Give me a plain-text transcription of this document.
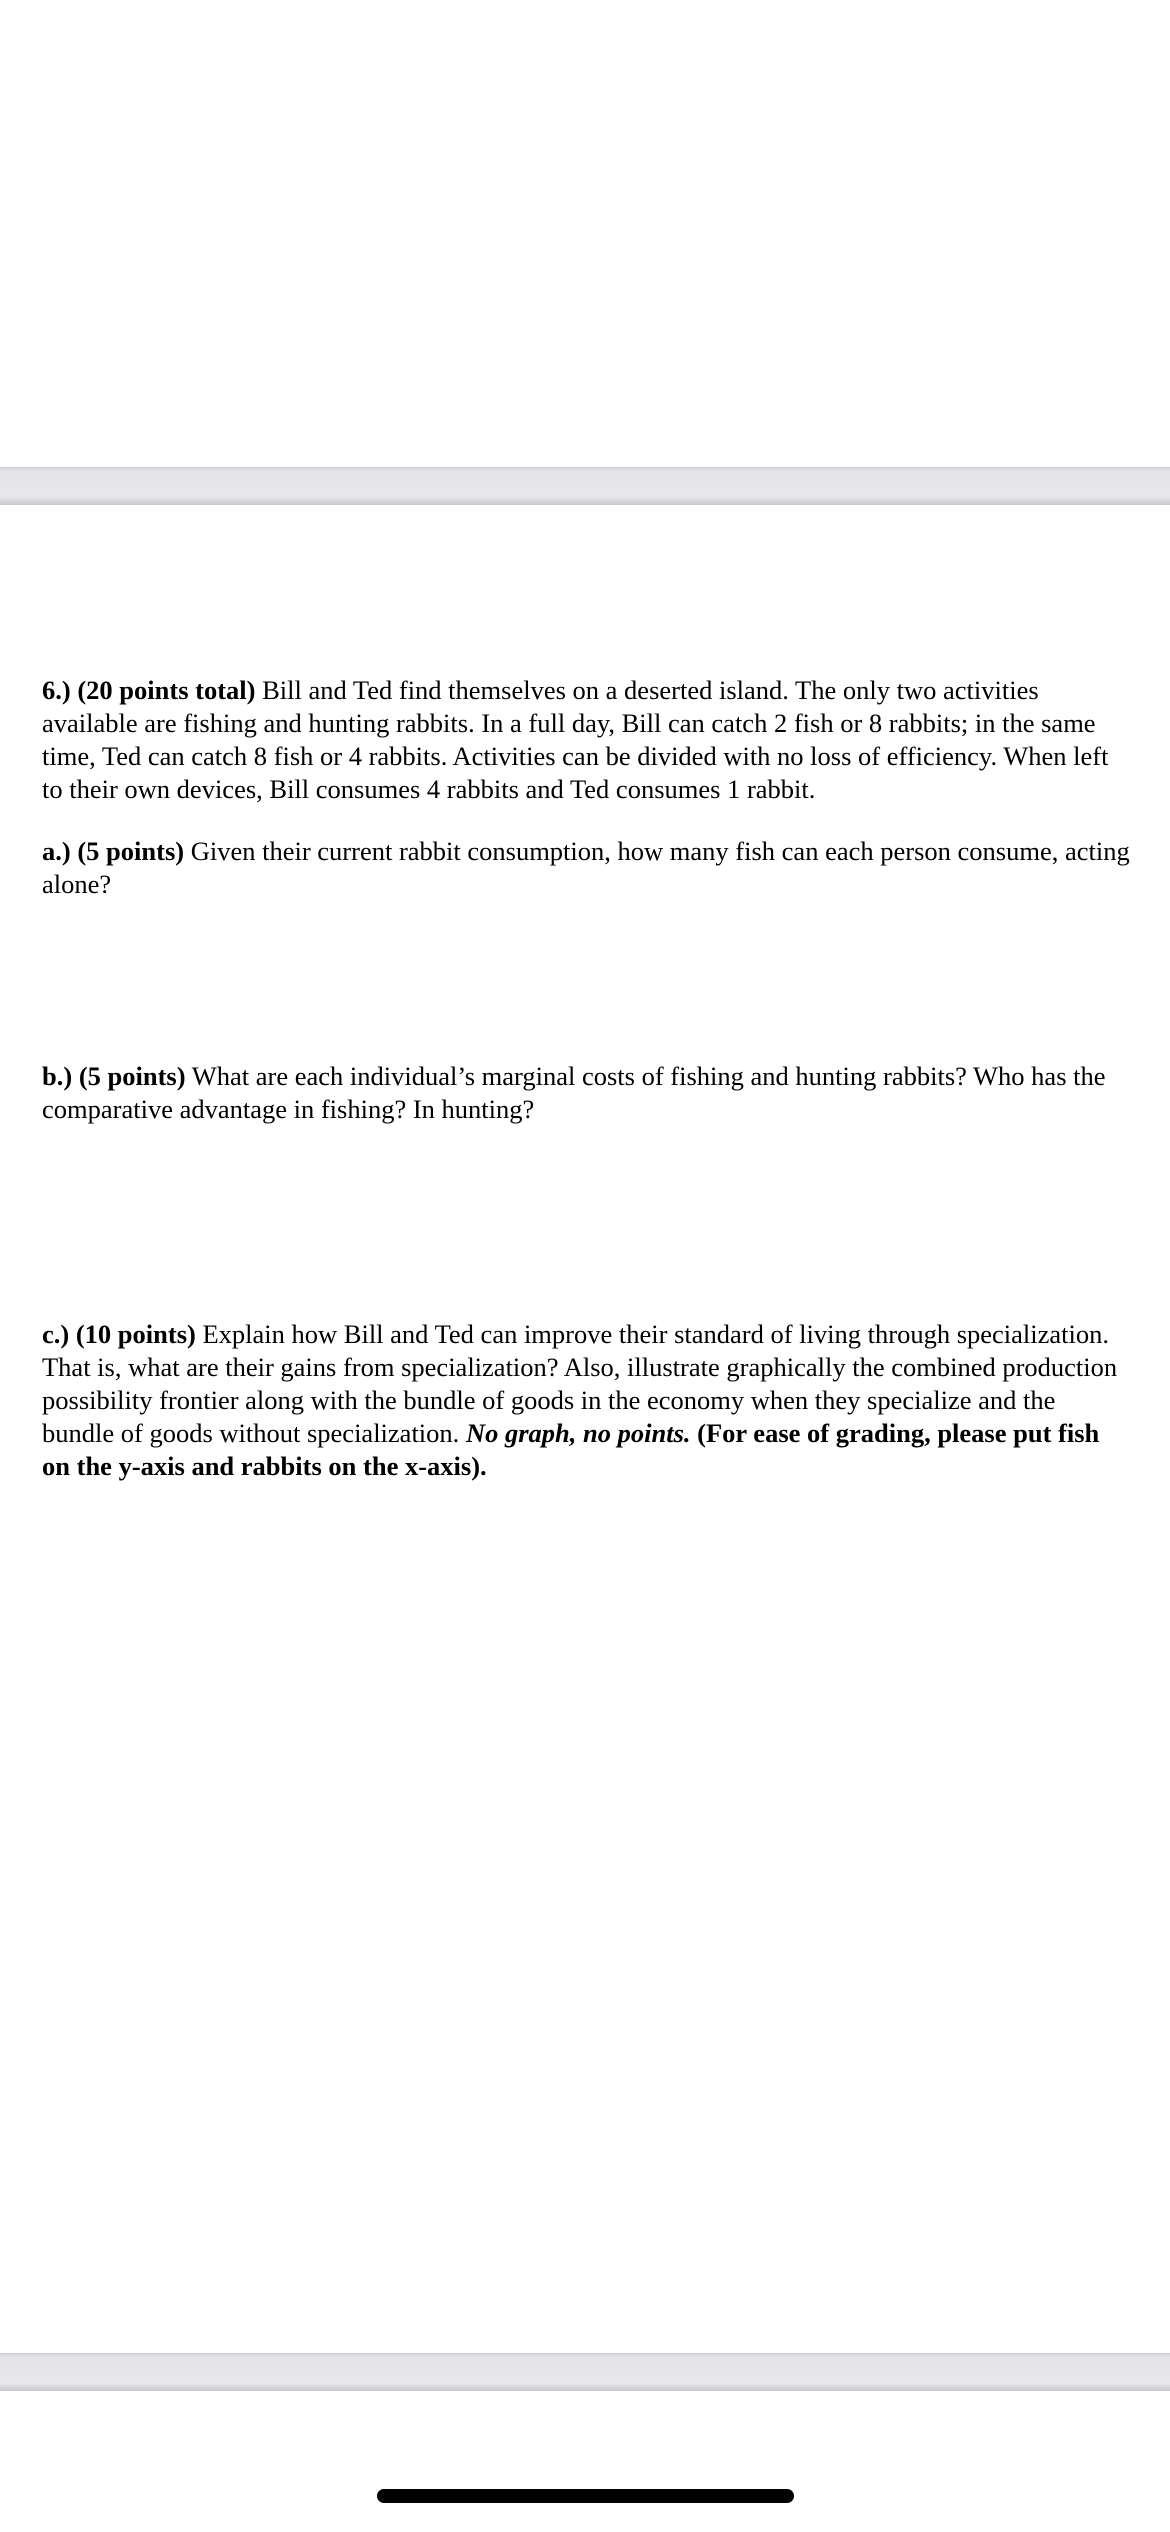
6.) (20 points total) Bill and Ted find themselves on a deserted island. The only two activities available are fishing and hunting rabbits. In a full day, Bill can catch 2 fish or 8 rabbits; in the same time, Ted can catch 8 fish or 4 rabbits. Activities can be divided with no loss of efficiency. When left to their own devices, Bill consumes 4 rabbits and Ted consumes 1 rabbit.

a.) (5 points) Given their current rabbit consumption, how many fish can each person consume, acting alone?

b.) (5 points) What are each individual’s marginal costs of fishing and hunting rabbits? Who has the comparative advantage in fishing? In hunting?

c.) (10 points) Explain how Bill and Ted can improve their standard of living through specialization. That is, what are their gains from specialization? Also, illustrate graphically the combined production possibility frontier along with the bundle of goods in the economy when they specialize and the bundle of goods without specialization. No graph, no points. (For ease of grading, please put fish on the y-axis and rabbits on the x-axis).
